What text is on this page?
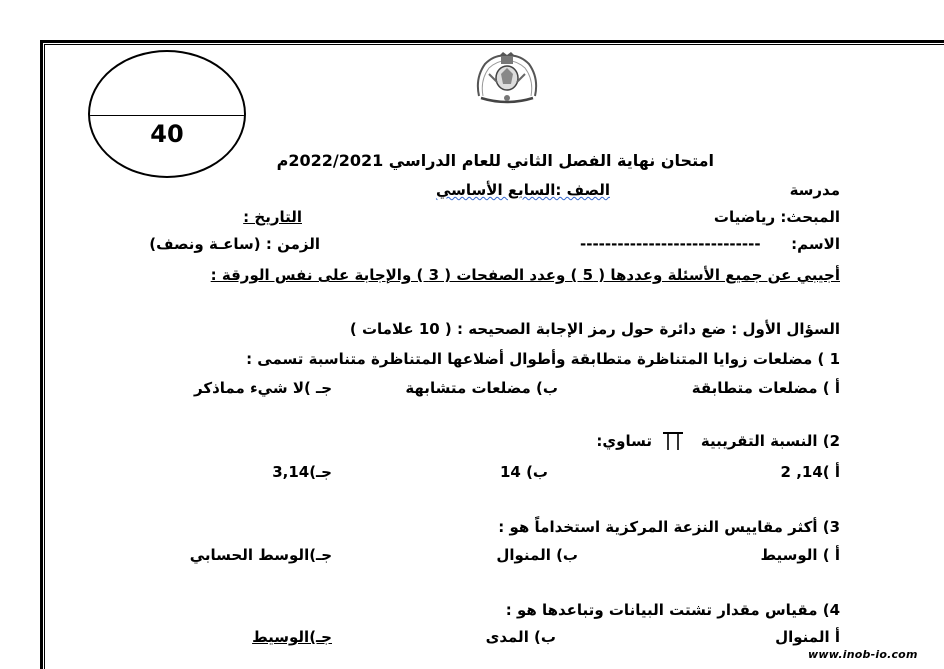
40
امتحان نهاية الفصل الثاني للعام الدراسي 2022/2021م
مدرسة
الصف :السابع الأساسي
المبحث: رياضيات
التاريخ :
الاسم:
-----------------------------
الزمن : (ساعـة ونصف)
أجيبي عن جميع الأسئلة وعددها ( 5 ) وعدد الصفحات ( 3 ) والإجابة على نفس الورقة :
السؤال الأول : ضع دائرة حول رمز الإجابة الصحيحه : ( 10 علامات )
1 ) مضلعات زوايا المتناظرة متطابقة وأطوال أضلاعها المتناظرة متناسبة تسمى :
أ ) مضلعات متطابقة
ب) مضلعات متشابهة
جـ )لا شيء مماذكر
2) النسبة التقريبية
تساوي:
أ )14, 2
ب) 14
جـ)3,14
3) أكثر مقاييس النزعة المركزية استخداماً هو :
أ ) الوسيط
ب) المنوال
جـ)الوسط الحسابي
4) مقياس مقدار تشتت البيانات وتباعدها هو :
أ المنوال
ب) المدى
جـ)الوسيط
www.inob-io.com
